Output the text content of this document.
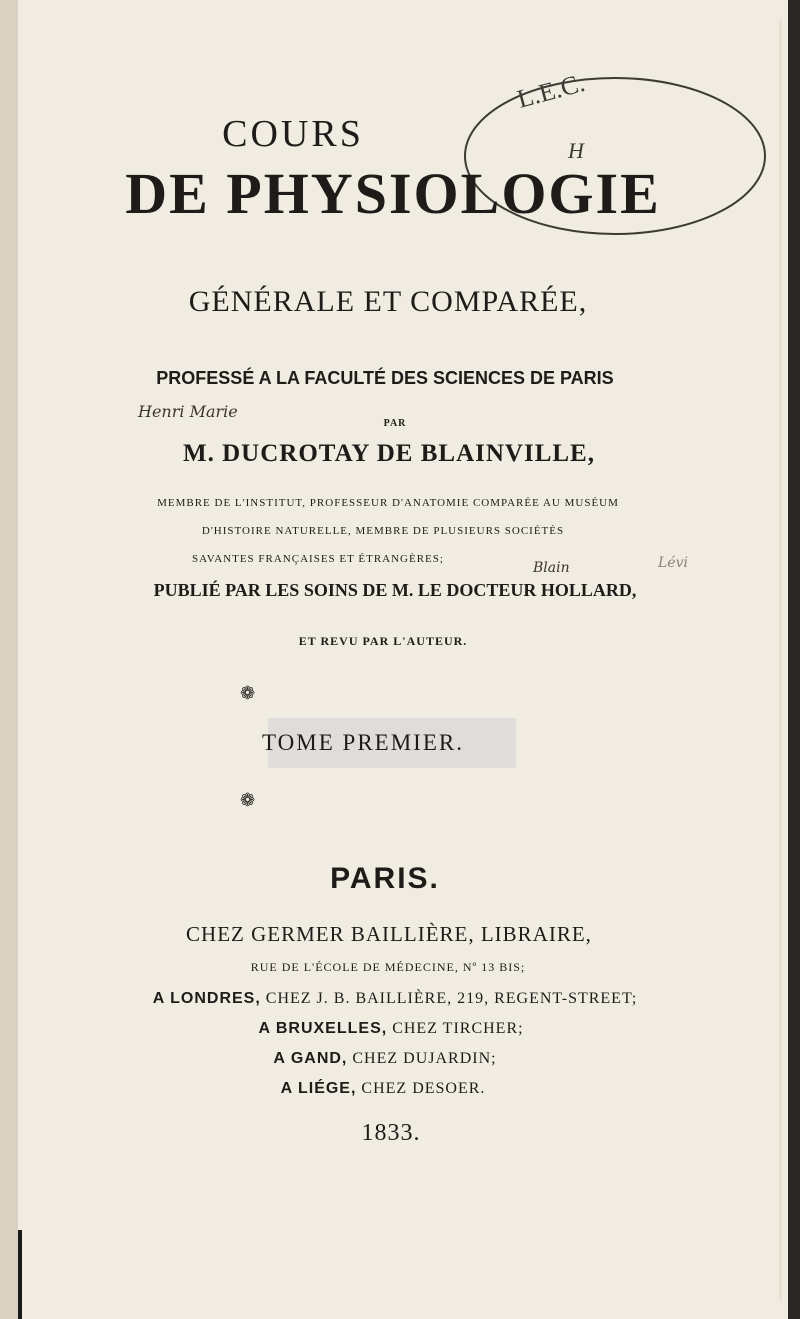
L.E.C.
H
COURS
DE PHYSIOLOGIE
GÉNÉRALE ET COMPARÉE,
PROFESSÉ A LA FACULTÉ DES SCIENCES DE PARIS
PAR
Henri Marie
M. DUCROTAY DE BLAINVILLE,
MEMBRE DE L'INSTITUT, PROFESSEUR D'ANATOMIE COMPARÉE AU MUSÉUM
D'HISTOIRE NATURELLE, MEMBRE DE PLUSIEURS SOCIÉTÉS
SAVANTES FRANÇAISES ET ÉTRANGÈRES;
Blain	Lévi
PUBLIÉ PAR LES SOINS DE M. LE DOCTEUR HOLLARD,
ET REVU PAR L'AUTEUR.
❁
TOME PREMIER.
❁
PARIS.
CHEZ GERMER BAILLIÈRE, LIBRAIRE,
RUE DE L'ÉCOLE DE MÉDECINE, Nº 13 BIS;
A LONDRES, CHEZ J. B. BAILLIÈRE, 219, REGENT-STREET;
A BRUXELLES, CHEZ TIRCHER;
A GAND, CHEZ DUJARDIN;
A LIÉGE, CHEZ DESOER.
1833.
